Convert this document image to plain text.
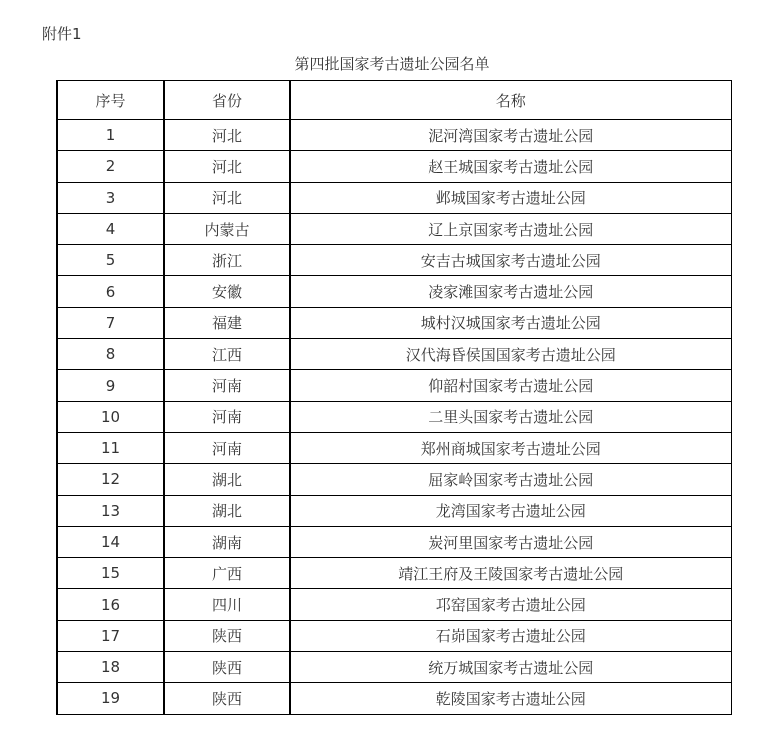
附件1
第四批国家考古遗址公园名单
序号	省份	名称
1	河北	泥河湾国家考古遗址公园
2	河北	赵王城国家考古遗址公园
3	河北	邺城国家考古遗址公园
4	内蒙古	辽上京国家考古遗址公园
5	浙江	安吉古城国家考古遗址公园
6	安徽	凌家滩国家考古遗址公园
7	福建	城村汉城国家考古遗址公园
8	江西	汉代海昏侯国国家考古遗址公园
9	河南	仰韶村国家考古遗址公园
10	河南	二里头国家考古遗址公园
11	河南	郑州商城国家考古遗址公园
12	湖北	屈家岭国家考古遗址公园
13	湖北	龙湾国家考古遗址公园
14	湖南	炭河里国家考古遗址公园
15	广西	靖江王府及王陵国家考古遗址公园
16	四川	邛窑国家考古遗址公园
17	陕西	石峁国家考古遗址公园
18	陕西	统万城国家考古遗址公园
19	陕西	乾陵国家考古遗址公园
